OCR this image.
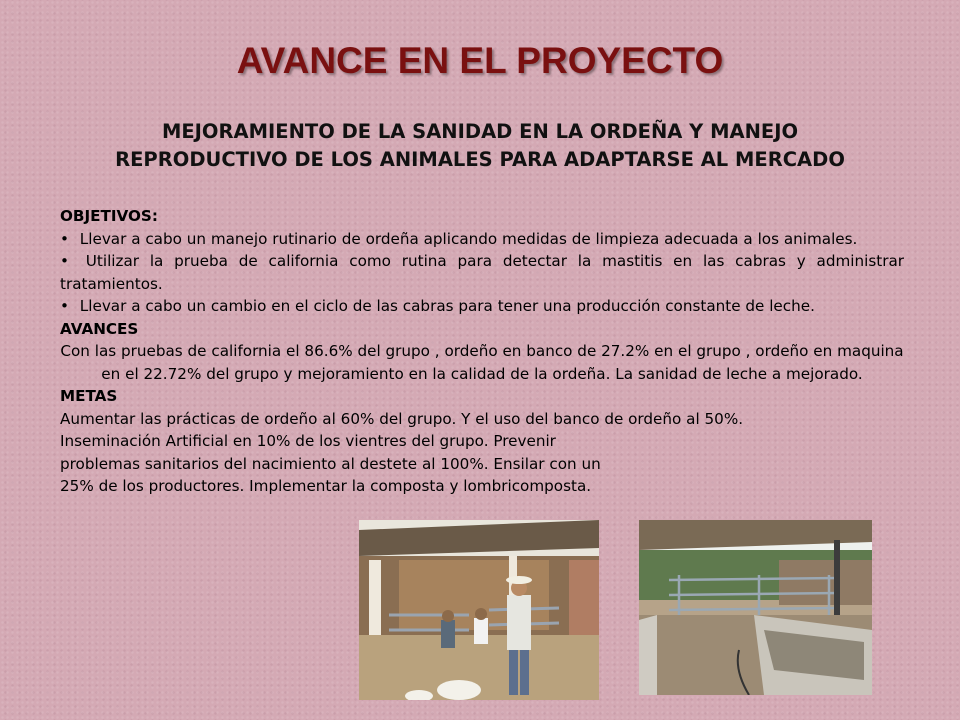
AVANCE EN EL PROYECTO
MEJORAMIENTO DE LA SANIDAD EN LA ORDEÑA Y MANEJO
REPRODUCTIVO DE LOS ANIMALES PARA ADAPTARSE AL MERCADO
OBJETIVOS:
• Llevar a cabo un manejo rutinario de ordeña aplicando medidas de limpieza adecuada a los animales.
• Utilizar la prueba de california como rutina para detectar la mastitis en las cabras y administrar tratamientos.
• Llevar a cabo un cambio en el ciclo de las cabras para tener una producción constante de leche.
AVANCES
Con las pruebas de california el 86.6% del grupo , ordeño en banco de 27.2% en el grupo , ordeño en maquina en el 22.72% del grupo y mejoramiento en la calidad de la ordeña. La sanidad de leche a mejorado.
METAS
Aumentar las prácticas de ordeño al 60% del grupo. Y el uso del banco de ordeño al 50%.
Inseminación Artificial en 10% de los vientres del grupo. Prevenir problemas sanitarios del nacimiento al destete al 100%. Ensilar con un 25% de los productores. Implementar la composta y lombricomposta.
